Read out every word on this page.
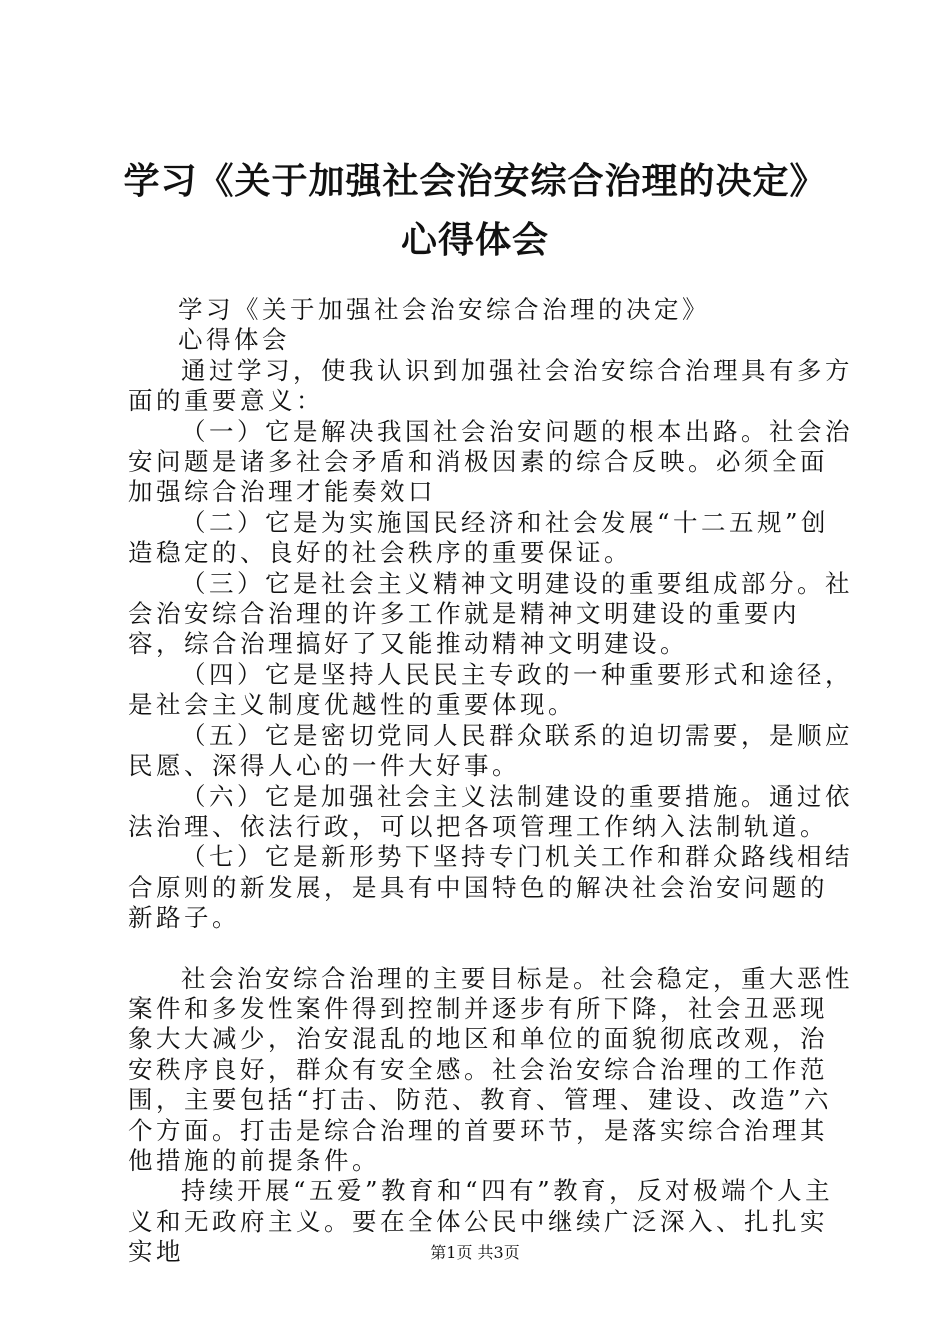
学习《关于加强社会治安综合治理的决定》心得体会

学习《关于加强社会治安综合治理的决定》

心得体会

通过学习，使我认识到加强社会治安综合治理具有多方面的重要意义：

（一）它是解决我国社会治安问题的根本出路。社会治安问题是诸多社会矛盾和消极因素的综合反映。必须全面加强综合治理才能奏效口

（二）它是为实施国民经济和社会发展“十二五规”创造稳定的、良好的社会秩序的重要保证。

（三）它是社会主义精神文明建设的重要组成部分。社会治安综合治理的许多工作就是精神文明建设的重要内容，综合治理搞好了又能推动精神文明建设。

（四）它是坚持人民民主专政的一种重要形式和途径，是社会主义制度优越性的重要体现。

（五）它是密切党同人民群众联系的迫切需要，是顺应民愿、深得人心的一件大好事。

（六）它是加强社会主义法制建设的重要措施。通过依法治理、依法行政，可以把各项管理工作纳入法制轨道。

（七）它是新形势下坚持专门机关工作和群众路线相结合原则的新发展，是具有中国特色的解决社会治安问题的新路子。

社会治安综合治理的主要目标是。社会稳定，重大恶性案件和多发性案件得到控制并逐步有所下降，社会丑恶现象大大减少，治安混乱的地区和单位的面貌彻底改观，治安秩序良好，群众有安全感。社会治安综合治理的工作范围，主要包括“打击、防范、教育、管理、建设、改造”六个方面。打击是综合治理的首要环节，是落实综合治理其他措施的前提条件。

持续开展“五爱”教育和“四有”教育，反对极端个人主义和无政府主义。要在全体公民中继续广泛深入、扎扎实实地	第1页 共3页
